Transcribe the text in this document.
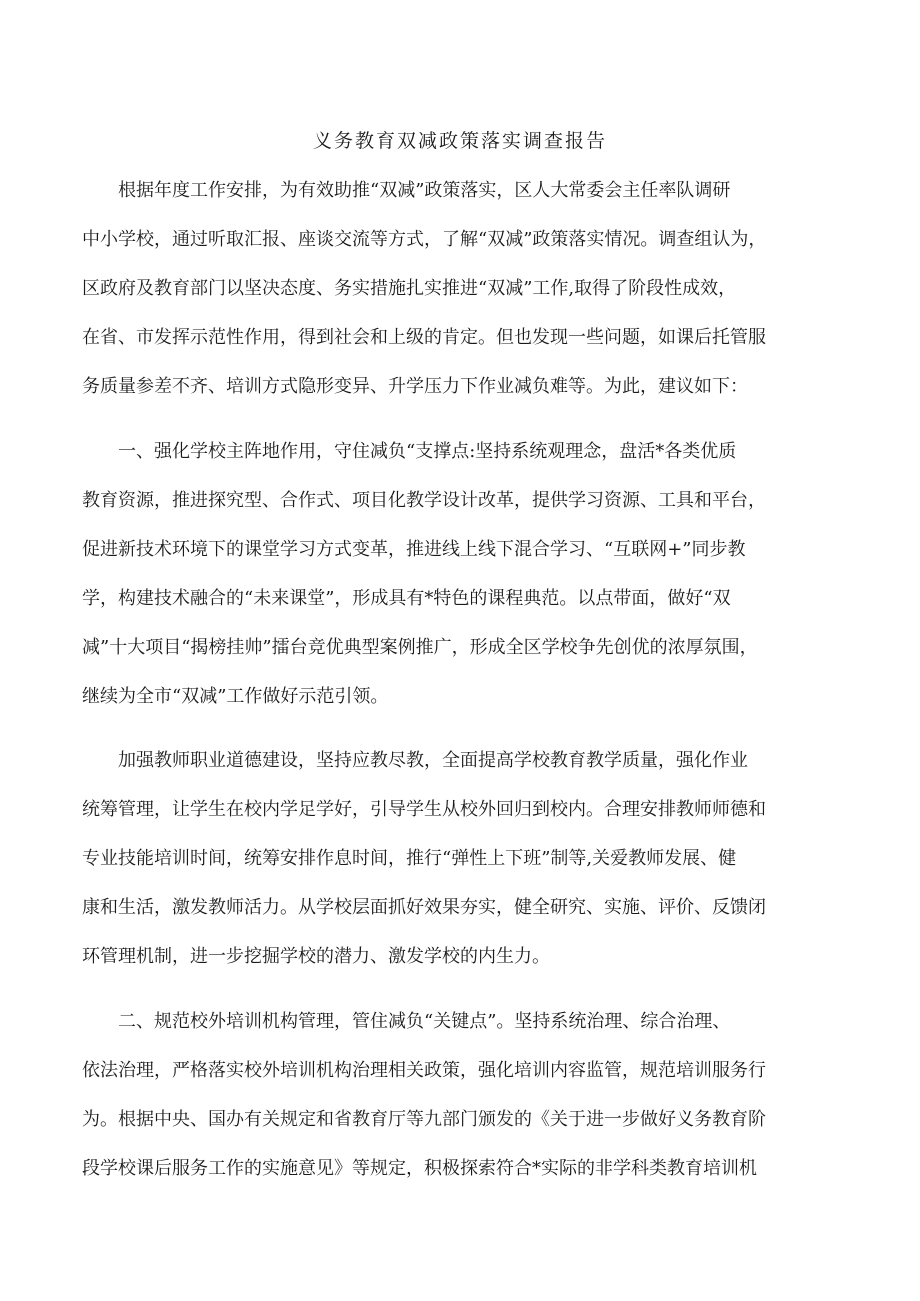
义务教育双减政策落实调查报告
　　根据年度工作安排，为有效助推“双减”政策落实，区人大常委会主任率队调研
中小学校，通过听取汇报、座谈交流等方式，了解“双减”政策落实情况。调查组认为，
区政府及教育部门以坚决态度、务实措施扎实推进“双减”工作,取得了阶段性成效，
在省、市发挥示范性作用，得到社会和上级的肯定。但也发现一些问题，如课后托管服
务质量参差不齐、培训方式隐形变异、升学压力下作业减负难等。为此，建议如下：
　　一、强化学校主阵地作用，守住减负“支撑点:坚持系统观理念，盘活*各类优质
教育资源，推进探究型、合作式、项目化教学设计改革，提供学习资源、工具和平台，
促进新技术环境下的课堂学习方式变革，推进线上线下混合学习、“互联网+”同步教
学，构建技术融合的“未来课堂”，形成具有*特色的课程典范。以点带面，做好“双
减”十大项目“揭榜挂帅”擂台竞优典型案例推广，形成全区学校争先创优的浓厚氛围，
继续为全市“双减”工作做好示范引领。
　　加强教师职业道德建设，坚持应教尽教，全面提高学校教育教学质量，强化作业
统筹管理，让学生在校内学足学好，引导学生从校外回归到校内。合理安排教师师德和
专业技能培训时间，统筹安排作息时间，推行“弹性上下班”制等,关爱教师发展、健
康和生活，激发教师活力。从学校层面抓好效果夯实，健全研究、实施、评价、反馈闭
环管理机制，进一步挖掘学校的潜力、激发学校的内生力。
　　二、规范校外培训机构管理，管住减负“关键点”。坚持系统治理、综合治理、
依法治理，严格落实校外培训机构治理相关政策，强化培训内容监管，规范培训服务行
为。根据中央、国办有关规定和省教育厅等九部门颁发的《关于进一步做好义务教育阶
段学校课后服务工作的实施意见》等规定，积极探索符合*实际的非学科类教育培训机
